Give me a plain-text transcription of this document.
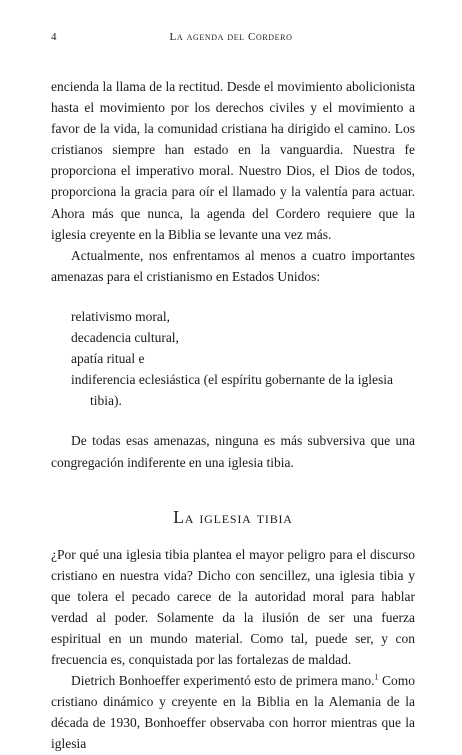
4	La agenda del Cordero

encienda la llama de la rectitud. Desde el movimiento abolicionista hasta el movimiento por los derechos civiles y el movimiento a favor de la vida, la comunidad cristiana ha dirigido el camino. Los cristianos siempre han estado en la vanguardia. Nuestra fe proporciona el imperativo moral. Nuestro Dios, el Dios de todos, proporciona la gracia para oír el llamado y la valentía para actuar. Ahora más que nunca, la agenda del Cordero requiere que la iglesia creyente en la Biblia se levante una vez más.

Actualmente, nos enfrentamos al menos a cuatro importantes amenazas para el cristianismo en Estados Unidos:

relativismo moral,
decadencia cultural,
apatía ritual e
indiferencia eclesiástica (el espíritu gobernante de la iglesia tibia).

De todas esas amenazas, ninguna es más subversiva que una congregación indiferente en una iglesia tibia.

La iglesia tibia

¿Por qué una iglesia tibia plantea el mayor peligro para el discurso cristiano en nuestra vida? Dicho con sencillez, una iglesia tibia y que tolera el pecado carece de la autoridad moral para hablar verdad al poder. Solamente da la ilusión de ser una fuerza espiritual en un mundo material. Como tal, puede ser, y con frecuencia es, conquistada por las fortalezas de maldad.

Dietrich Bonhoeffer experimentó esto de primera mano.$^1$ Como cristiano dinámico y creyente en la Biblia en la Alemania de la década de 1930, Bonhoeffer observaba con horror mientras que la iglesia
